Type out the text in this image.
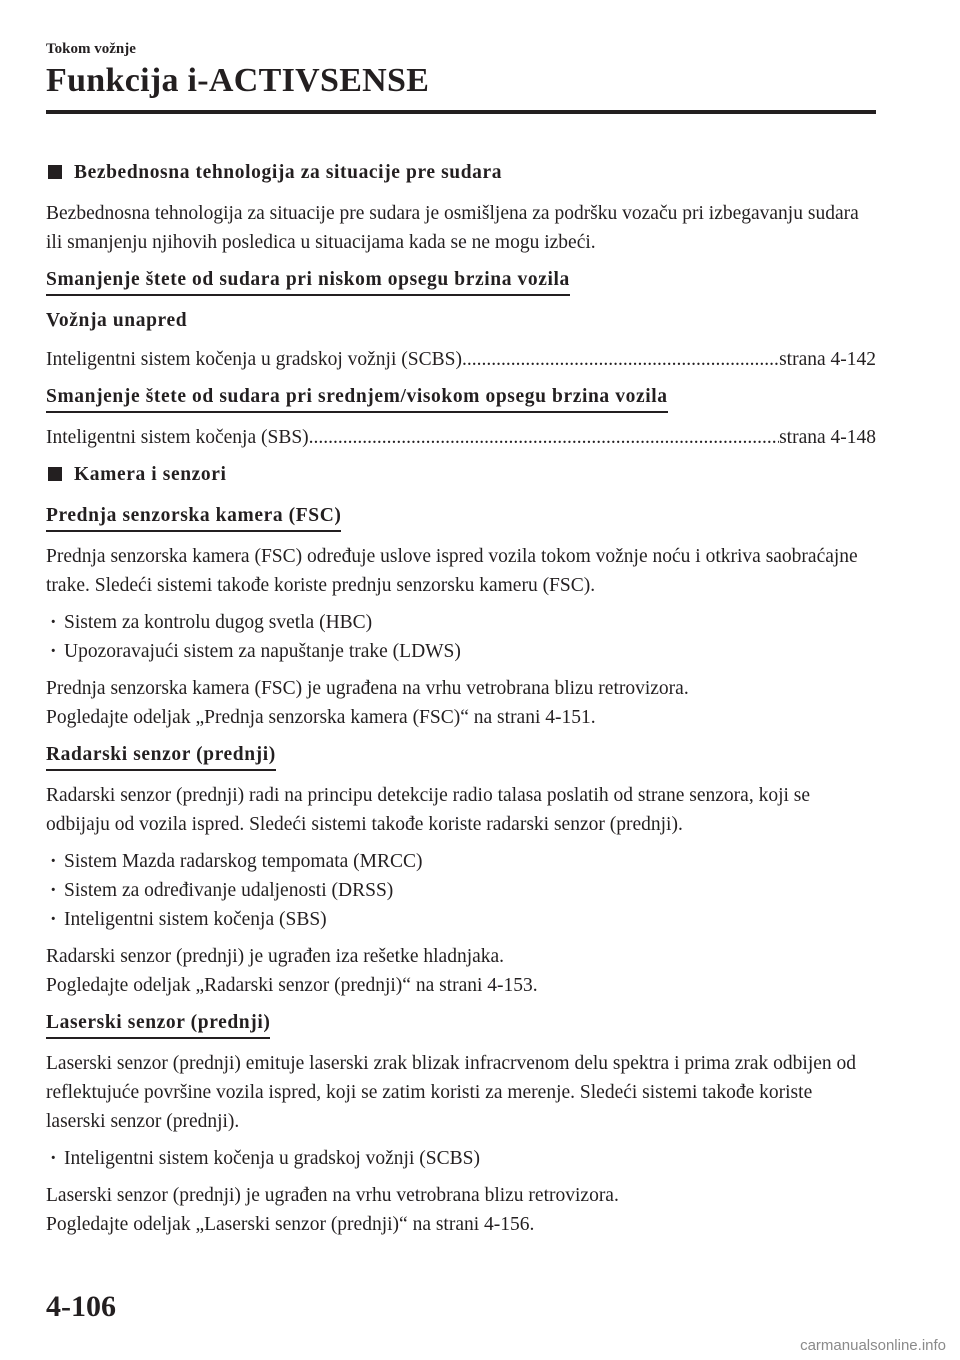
Tokom vožnje
Funkcija i-ACTIVSENSE
Bezbednosna tehnologija za situacije pre sudara

Bezbednosna tehnologija za situacije pre sudara je osmišljena za podršku vozaču pri izbegavanju sudara ili smanjenju njihovih posledica u situacijama kada se ne mogu izbeći.

Smanjenje štete od sudara pri niskom opsegu brzina vozila
Vožnja unapred
Inteligentni sistem kočenja u gradskoj vožnji (SCBS) .....	strana 4-142
Smanjenje štete od sudara pri srednjem/visokom opsegu brzina vozila
Inteligentni sistem kočenja (SBS) .....	strana 4-148
Kamera i senzori
Prednja senzorska kamera (FSC)

Prednja senzorska kamera (FSC) određuje uslove ispred vozila tokom vožnje noću i otkriva saobraćajne trake. Sledeći sistemi takođe koriste prednju senzorsku kameru (FSC).

· Sistem za kontrolu dugog svetla (HBC)
· Upozoravajući sistem za napuštanje trake (LDWS)

Prednja senzorska kamera (FSC) je ugrađena na vrhu vetrobrana blizu retrovizora.

Pogledajte odeljak „Prednja senzorska kamera (FSC)“ na strani 4-151.

Radarski senzor (prednji)

Radarski senzor (prednji) radi na principu detekcije radio talasa poslatih od strane senzora, koji se odbijaju od vozila ispred. Sledeći sistemi takođe koriste radarski senzor (prednji).

· Sistem Mazda radarskog tempomata (MRCC)
· Sistem za određivanje udaljenosti (DRSS)
· Inteligentni sistem kočenja (SBS)

Radarski senzor (prednji) je ugrađen iza rešetke hladnjaka.

Pogledajte odeljak „Radarski senzor (prednji)“ na strani 4-153.

Laserski senzor (prednji)

Laserski senzor (prednji) emituje laserski zrak blizak infracrvenom delu spektra i prima zrak odbijen od reflektujuće površine vozila ispred, koji se zatim koristi za merenje. Sledeći sistemi takođe koriste laserski senzor (prednji).

· Inteligentni sistem kočenja u gradskoj vožnji (SCBS)

Laserski senzor (prednji) je ugrađen na vrhu vetrobrana blizu retrovizora.

Pogledajte odeljak „Laserski senzor (prednji)“ na strani 4-156.

4-106
carmanualsonline.info
